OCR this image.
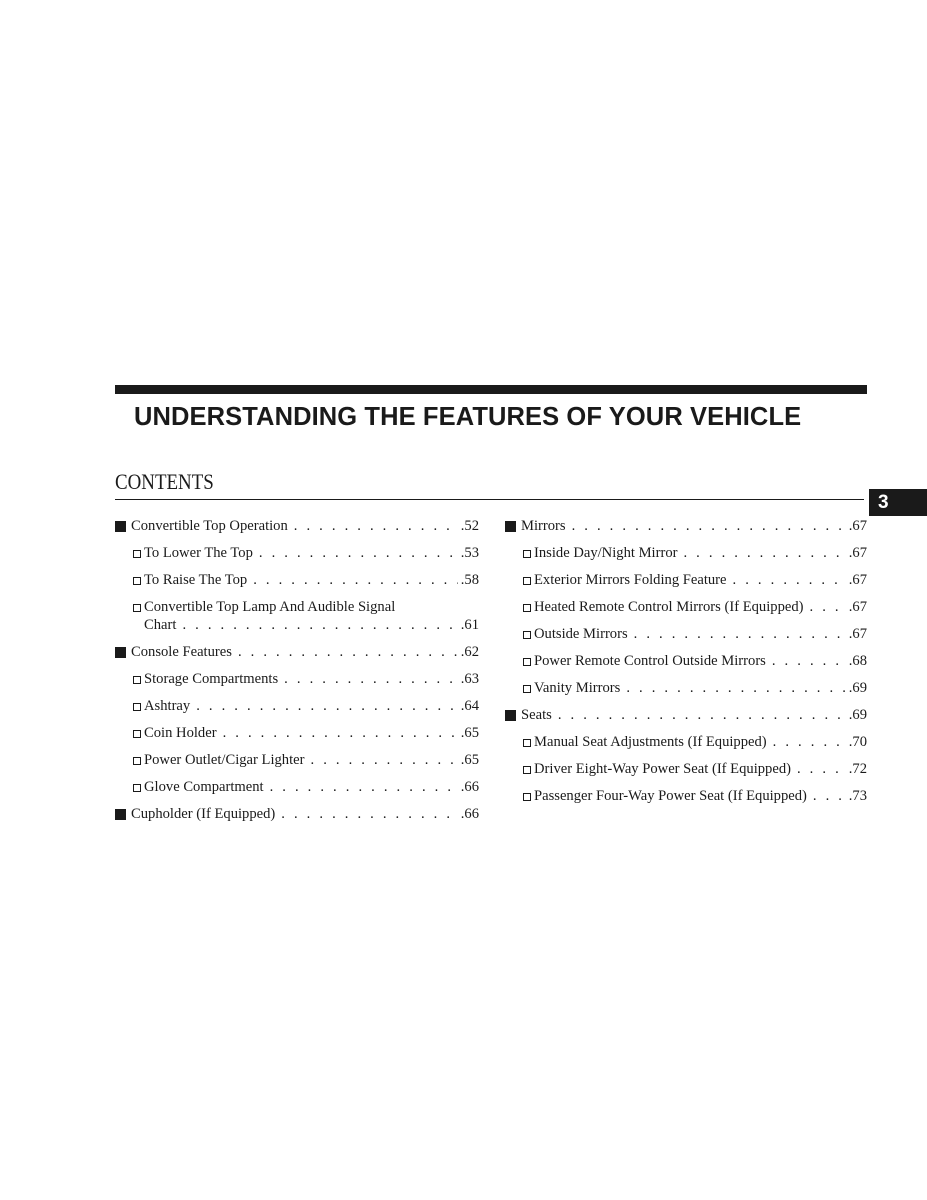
UNDERSTANDING THE FEATURES OF YOUR VEHICLE
CONTENTS
3
Convertible Top Operation . . .	.52
To Lower The Top . . .	.53
To Raise The Top . . .	.58
Convertible Top Lamp And Audible Signal
Chart . . .	.61
Console Features . . .	.62
Storage Compartments . . .	.63
Ashtray . . .	.64
Coin Holder . . .	.65
Power Outlet/Cigar Lighter . . .	.65
Glove Compartment . . .	.66
Cupholder (If Equipped) . . .	.66
Mirrors . . .	.67
Inside Day/Night Mirror . . .	.67
Exterior Mirrors Folding Feature . . .	.67
Heated Remote Control Mirrors (If Equipped) . . .	.67
Outside Mirrors . . .	.67
Power Remote Control Outside Mirrors . . .	.68
Vanity Mirrors . . .	.69
Seats . . .	.69
Manual Seat Adjustments (If Equipped) . . .	.70
Driver Eight-Way Power Seat (If Equipped) . . .	.72
Passenger Four-Way Power Seat (If Equipped) . . .	.73
